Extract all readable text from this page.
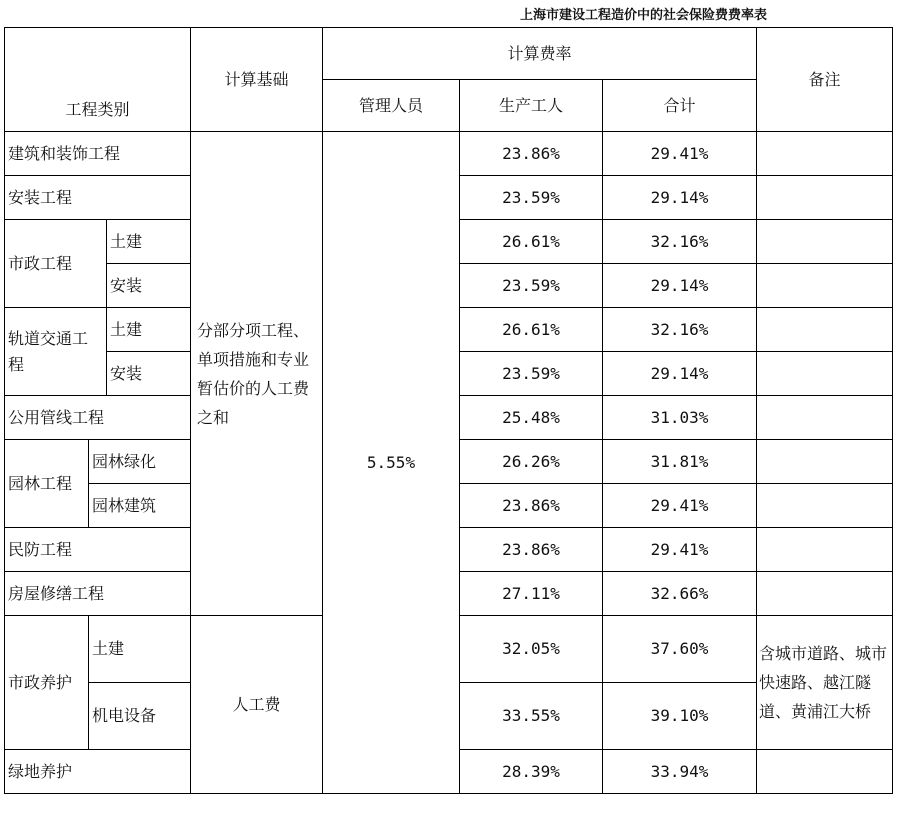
上海市建设工程造价中的社会保险费费率表
工程类别			计算基础	计算费率			备注
				管理人员	生产工人	合计	
建筑和装饰工程			分部分项工程、单项措施和专业暂估价的人工费之和	5.55%	23.86%	29.41%	
安装工程					23.59%	29.14%	
市政工程		土建			26.61%	32.16%	
		安装			23.59%	29.14%	
轨道交通工程		土建			26.61%	32.16%	
		安装			23.59%	29.14%	
公用管线工程					25.48%	31.03%	
园林工程	园林绿化				26.26%	31.81%	
	园林建筑				23.86%	29.41%	
民防工程					23.86%	29.41%	
房屋修缮工程					27.11%	32.66%	
市政养护	土建		人工费		32.05%	37.60%	含城市道路、城市快速路、越江隧道、黄浦江大桥
	机电设备				33.55%	39.10%	
绿地养护					28.39%	33.94%	
